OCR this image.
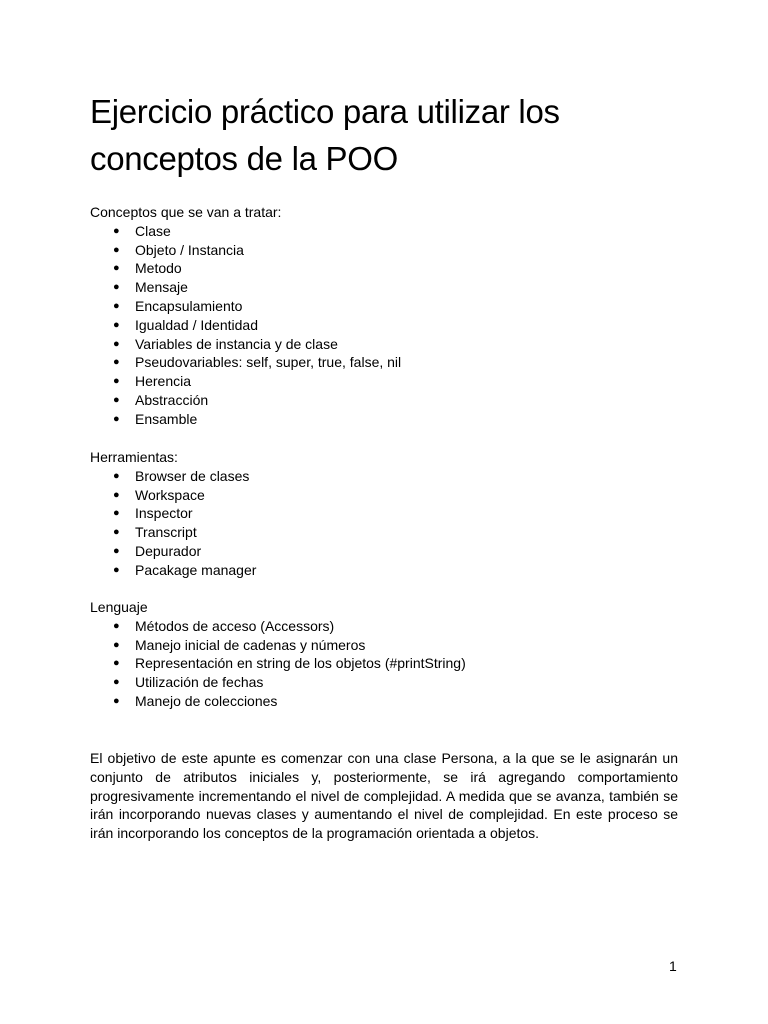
Ejercicio práctico para utilizar los conceptos de la POO

Conceptos que se van a tratar:

● Clase
● Objeto / Instancia
● Metodo
● Mensaje
● Encapsulamiento
● Igualdad / Identidad
● Variables de instancia y de clase
● Pseudovariables: self, super, true, false, nil
● Herencia
● Abstracción
● Ensamble

Herramientas:

● Browser de clases
● Workspace
● Inspector
● Transcript
● Depurador
● Pacakage manager

Lenguaje

● Métodos de acceso (Accessors)
● Manejo inicial de cadenas y números
● Representación en string de los objetos (#printString)
● Utilización de fechas
● Manejo de colecciones

El objetivo de este apunte es comenzar con una clase Persona, a la que se le asignarán un conjunto de atributos iniciales y, posteriormente, se irá agregando comportamiento progresivamente incrementando el nivel de complejidad. A medida que se avanza, también se irán incorporando nuevas clases y aumentando el nivel de complejidad. En este proceso se irán incorporando los conceptos de la programación orientada a objetos.

1
